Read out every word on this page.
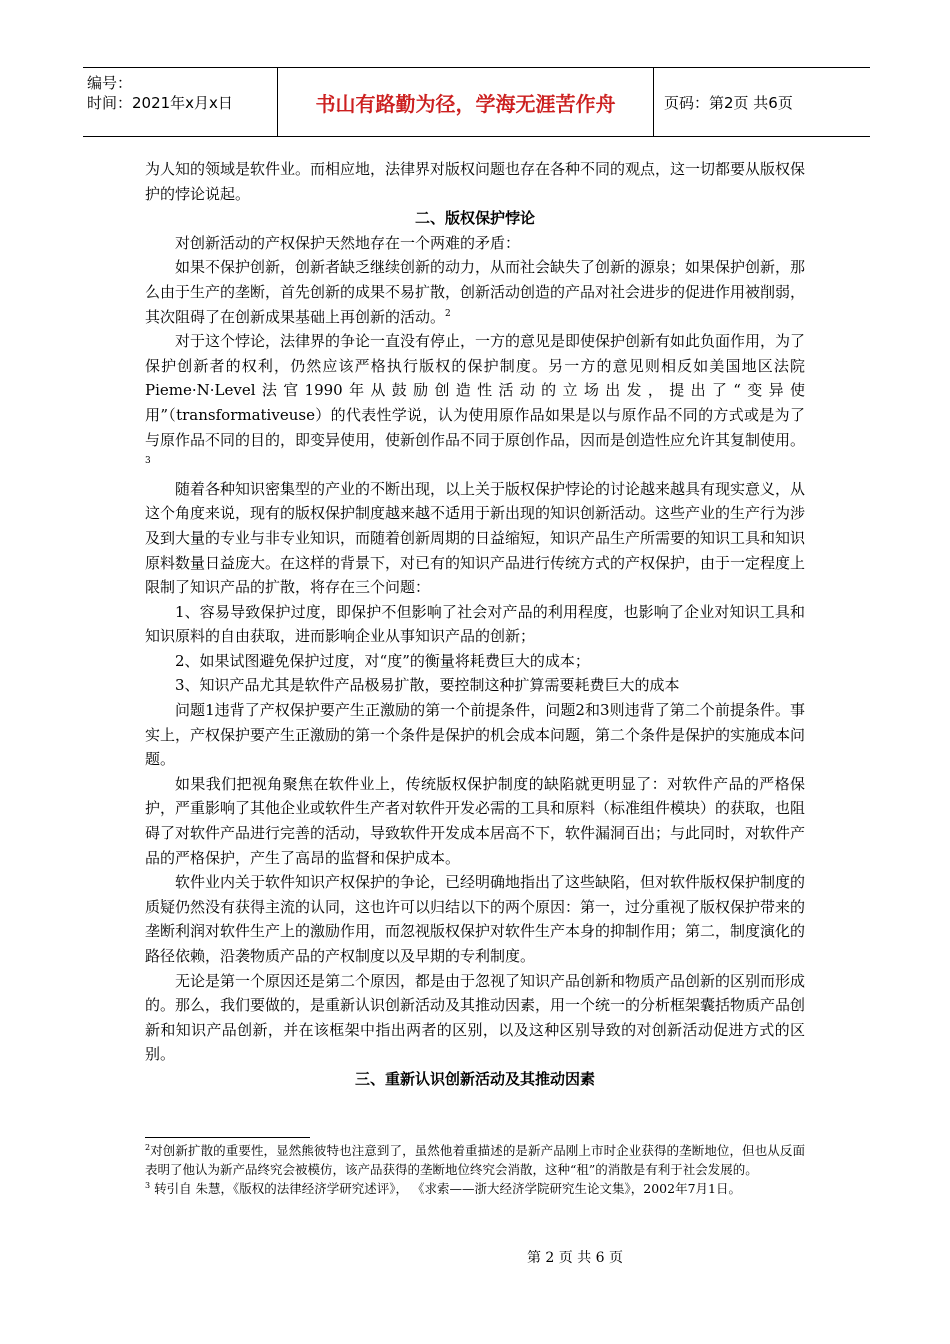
编号：
时间：2021年x月x日	书山有路勤为径，学海无涯苦作舟	页码：第2页 共6页

为人知的领域是软件业。而相应地，法律界对版权问题也存在各种不同的观点，这一切都要从版权保护的悖论说起。

二、版权保护悖论

对创新活动的产权保护天然地存在一个两难的矛盾：

如果不保护创新，创新者缺乏继续创新的动力，从而社会缺失了创新的源泉；如果保护创新，那么由于生产的垄断，首先创新的成果不易扩散，创新活动创造的产品对社会进步的促进作用被削弱，其次阻碍了在创新成果基础上再创新的活动。$^2$

对于这个悖论，法律界的争论一直没有停止，一方的意见是即使保护创新有如此负面作用，为了保护创新者的权利，仍然应该严格执行版权的保护制度。另一方的意见则相反如美国地区法院Pieme·N·Level法官1990年从鼓励创造性活动的立场出发，提出了“变异使用”（transformativeuse）的代表性学说，认为使用原作品如果是以与原作品不同的方式或是为了与原作品不同的目的，即变异使用，使新创作品不同于原创作品，因而是创造性应允许其复制使用。$^3$

随着各种知识密集型的产业的不断出现，以上关于版权保护悖论的讨论越来越具有现实意义，从这个角度来说，现有的版权保护制度越来越不适用于新出现的知识创新活动。这些产业的生产行为涉及到大量的专业与非专业知识，而随着创新周期的日益缩短，知识产品生产所需要的知识工具和知识原料数量日益庞大。在这样的背景下，对已有的知识产品进行传统方式的产权保护，由于一定程度上限制了知识产品的扩散，将存在三个问题：

1、容易导致保护过度，即保护不但影响了社会对产品的利用程度，也影响了企业对知识工具和知识原料的自由获取，进而影响企业从事知识产品的创新；

2、如果试图避免保护过度，对“度”的衡量将耗费巨大的成本；

3、知识产品尤其是软件产品极易扩散，要控制这种扩算需要耗费巨大的成本

问题1违背了产权保护要产生正激励的第一个前提条件，问题2和3则违背了第二个前提条件。事实上，产权保护要产生正激励的第一个条件是保护的机会成本问题，第二个条件是保护的实施成本问题。

如果我们把视角聚焦在软件业上，传统版权保护制度的缺陷就更明显了：对软件产品的严格保护，严重影响了其他企业或软件生产者对软件开发必需的工具和原料（标准组件模块）的获取，也阻碍了对软件产品进行完善的活动，导致软件开发成本居高不下，软件漏洞百出；与此同时，对软件产品的严格保护，产生了高昂的监督和保护成本。

软件业内关于软件知识产权保护的争论，已经明确地指出了这些缺陷，但对软件版权保护制度的质疑仍然没有获得主流的认同，这也许可以归结以下的两个原因：第一，过分重视了版权保护带来的垄断利润对软件生产上的激励作用，而忽视版权保护对软件生产本身的抑制作用；第二，制度演化的路径依赖，沿袭物质产品的产权制度以及早期的专利制度。

无论是第一个原因还是第二个原因，都是由于忽视了知识产品创新和物质产品创新的区别而形成的。那么，我们要做的，是重新认识创新活动及其推动因素，用一个统一的分析框架囊括物质产品创新和知识产品创新，并在该框架中指出两者的区别，以及这种区别导致的对创新活动促进方式的区别。

三、重新认识创新活动及其推动因素

$^2$对创新扩散的重要性，显然熊彼特也注意到了，虽然他着重描述的是新产品刚上市时企业获得的垄断地位，但也从反面表明了他认为新产品终究会被模仿，该产品获得的垄断地位终究会消散，这种“租”的消散是有利于社会发展的。

$^3$ 转引自 朱慧，《版权的法律经济学研究述评》， 《求索——浙大经济学院研究生论文集》，2002年7月1日。

第 2 页 共 6 页
